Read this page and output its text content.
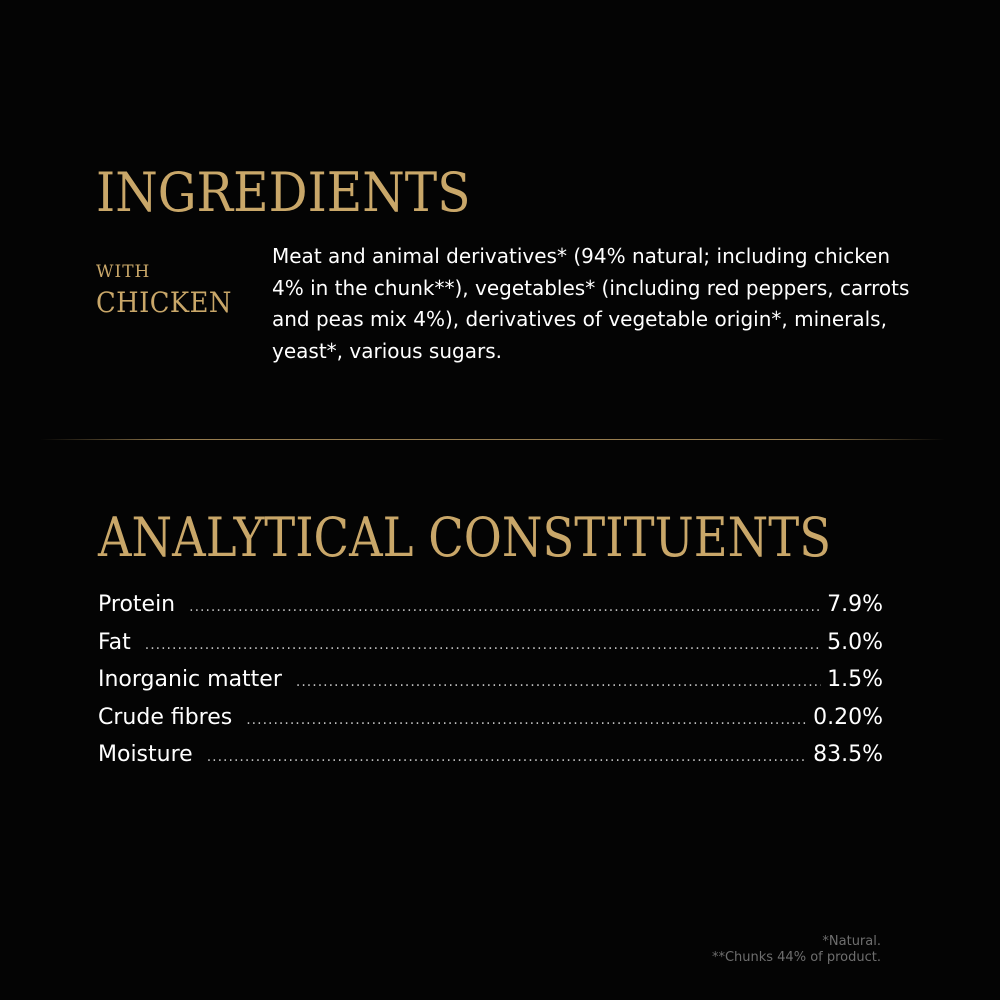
INGREDIENTS
WITH
CHICKEN

Meat and animal derivatives* (94% natural; including chicken 4% in the chunk**), vegetables* (including red peppers, carrots and peas mix 4%), derivatives of vegetable origin*, minerals, yeast*, various sugars.

ANALYTICAL CONSTITUENTS
Protein .....	7.9%
Fat .....	5.0%
Inorganic matter .....	1.5%
Crude fibres .....	0.20%
Moisture .....	83.5%
*Natural.
**Chunks 44% of product.
